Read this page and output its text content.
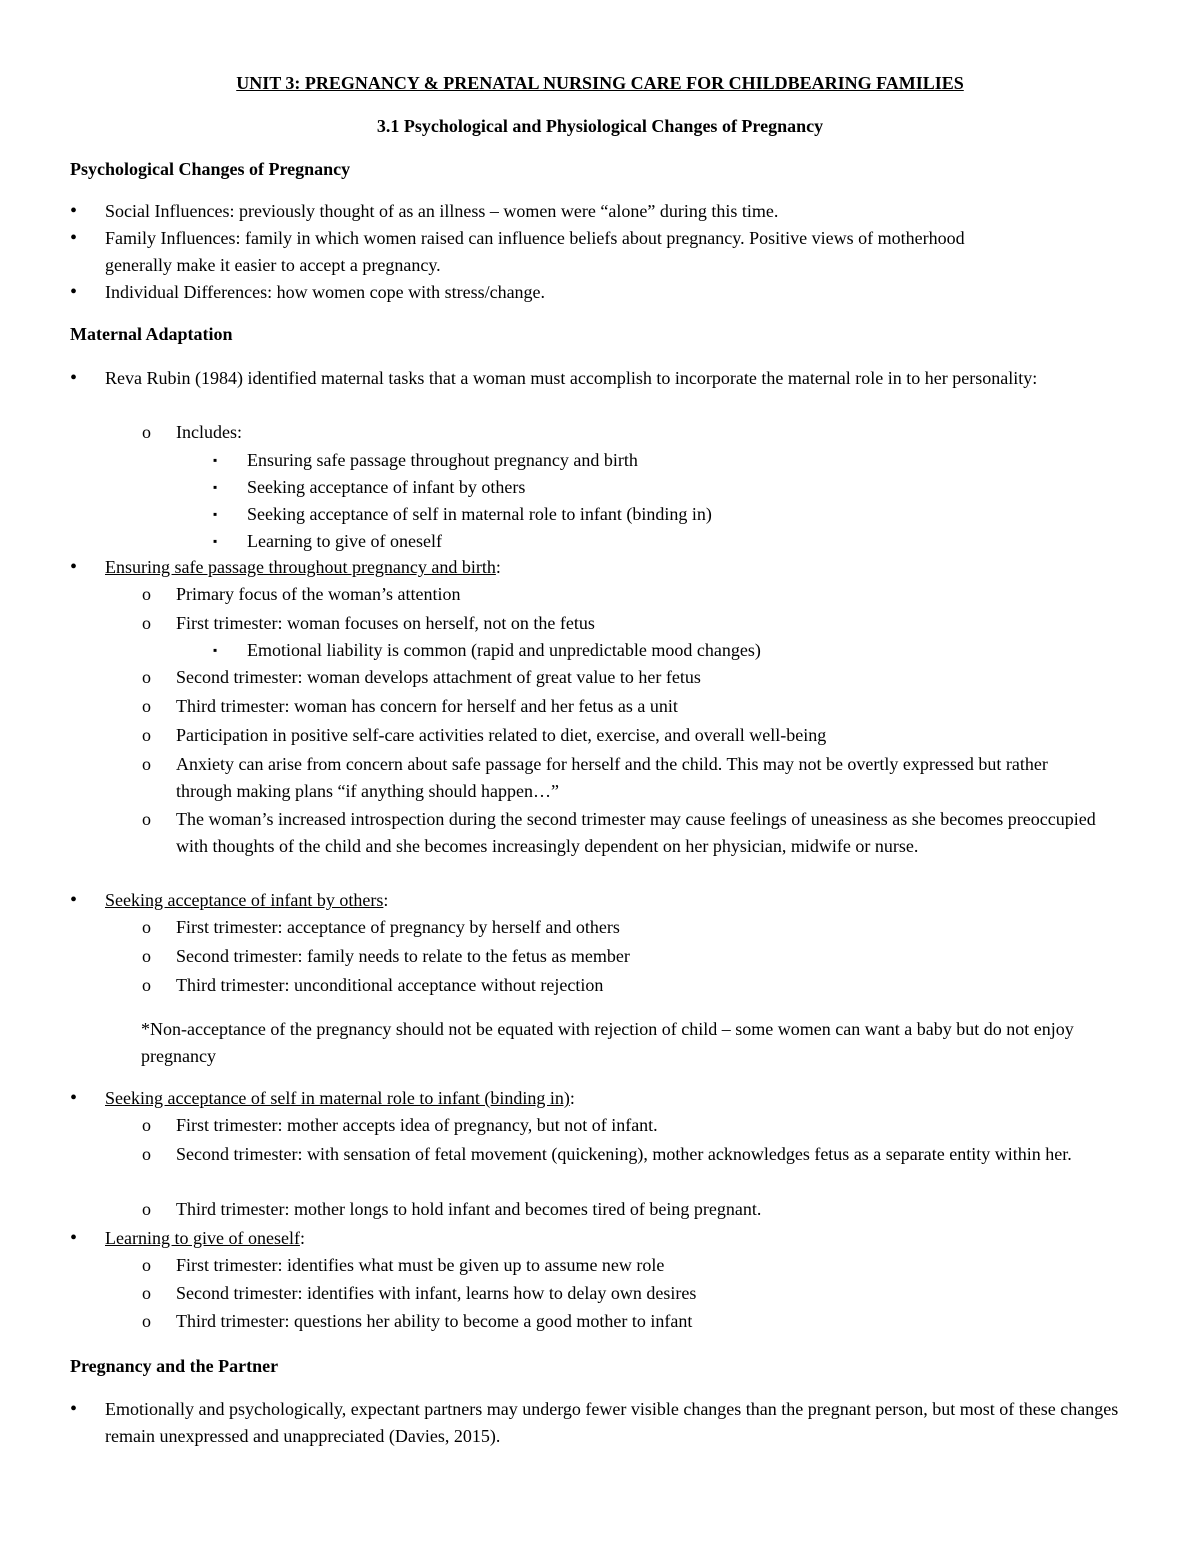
UNIT 3: PREGNANCY & PRENATAL NURSING CARE FOR CHILDBEARING FAMILIES
3.1 Psychological and Physiological Changes of Pregnancy
Psychological Changes of Pregnancy
• Social Influences: previously thought of as an illness – women were “alone” during this time.
• Family Influences: family in which women raised can influence beliefs about pregnancy. Positive views of motherhood generally make it easier to accept a pregnancy.
• Individual Differences: how women cope with stress/change.
Maternal Adaptation
• Reva Rubin (1984) identified maternal tasks that a woman must accomplish to incorporate the maternal role in to her personality:
o Includes:
▪ Ensuring safe passage throughout pregnancy and birth
▪ Seeking acceptance of infant by others
▪ Seeking acceptance of self in maternal role to infant (binding in)
▪ Learning to give of oneself
• Ensuring safe passage throughout pregnancy and birth:
o Primary focus of the woman’s attention
o First trimester: woman focuses on herself, not on the fetus
▪ Emotional liability is common (rapid and unpredictable mood changes)
o Second trimester: woman develops attachment of great value to her fetus
o Third trimester: woman has concern for herself and her fetus as a unit
o Participation in positive self-care activities related to diet, exercise, and overall well-being
o Anxiety can arise from concern about safe passage for herself and the child. This may not be overtly expressed but rather through making plans “if anything should happen…”
o The woman’s increased introspection during the second trimester may cause feelings of uneasiness as she becomes preoccupied with thoughts of the child and she becomes increasingly dependent on her physician, midwife or nurse.
• Seeking acceptance of infant by others:
o First trimester: acceptance of pregnancy by herself and others
o Second trimester: family needs to relate to the fetus as member
o Third trimester: unconditional acceptance without rejection
*Non-acceptance of the pregnancy should not be equated with rejection of child – some women can want a baby but do not enjoy pregnancy
• Seeking acceptance of self in maternal role to infant (binding in):
o First trimester: mother accepts idea of pregnancy, but not of infant.
o Second trimester: with sensation of fetal movement (quickening), mother acknowledges fetus as a separate entity within her.
o Third trimester: mother longs to hold infant and becomes tired of being pregnant.
• Learning to give of oneself:
o First trimester: identifies what must be given up to assume new role
o Second trimester: identifies with infant, learns how to delay own desires
o Third trimester: questions her ability to become a good mother to infant
Pregnancy and the Partner
• Emotionally and psychologically, expectant partners may undergo fewer visible changes than the pregnant person, but most of these changes remain unexpressed and unappreciated (Davies, 2015).
